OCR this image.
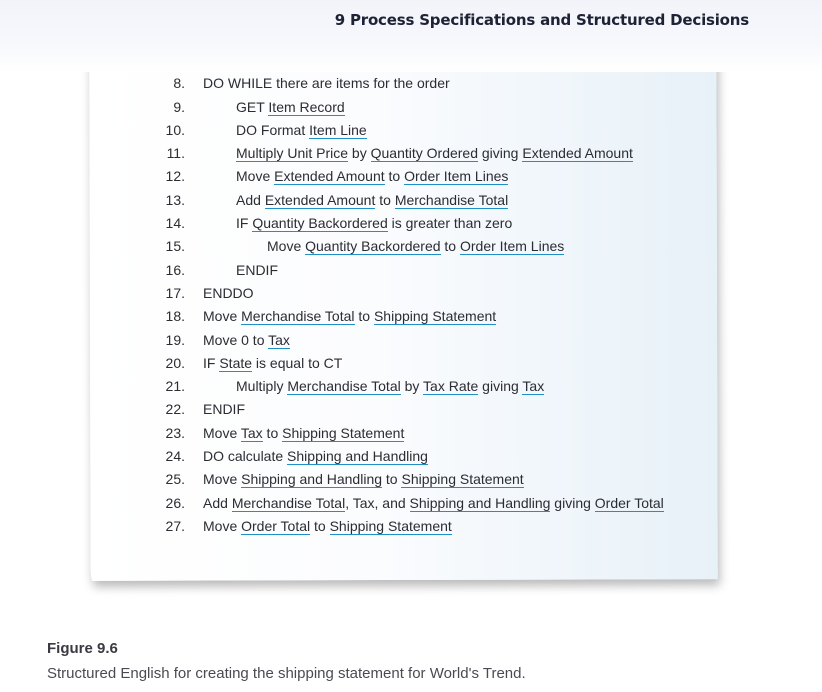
9 Process Specifications and Structured Decisions
8. DO WHILE there are items for the order
9.	GET Item Record
10.	DO Format Item Line
11.	Multiply Unit Price by Quantity Ordered giving Extended Amount
12.	Move Extended Amount to Order Item Lines
13.	Add Extended Amount to Merchandise Total
14.	IF Quantity Backordered is greater than zero
15.	Move Quantity Backordered to Order Item Lines
16.	ENDIF
17. ENDDO
18. Move Merchandise Total to Shipping Statement
19. Move 0 to Tax
20. IF State is equal to CT
21.	Multiply Merchandise Total by Tax Rate giving Tax
22. ENDIF
23. Move Tax to Shipping Statement
24. DO calculate Shipping and Handling
25. Move Shipping and Handling to Shipping Statement
26. Add Merchandise Total, Tax, and Shipping and Handling giving Order Total
27. Move Order Total to Shipping Statement
Figure 9.6
Structured English for creating the shipping statement for World's Trend.
